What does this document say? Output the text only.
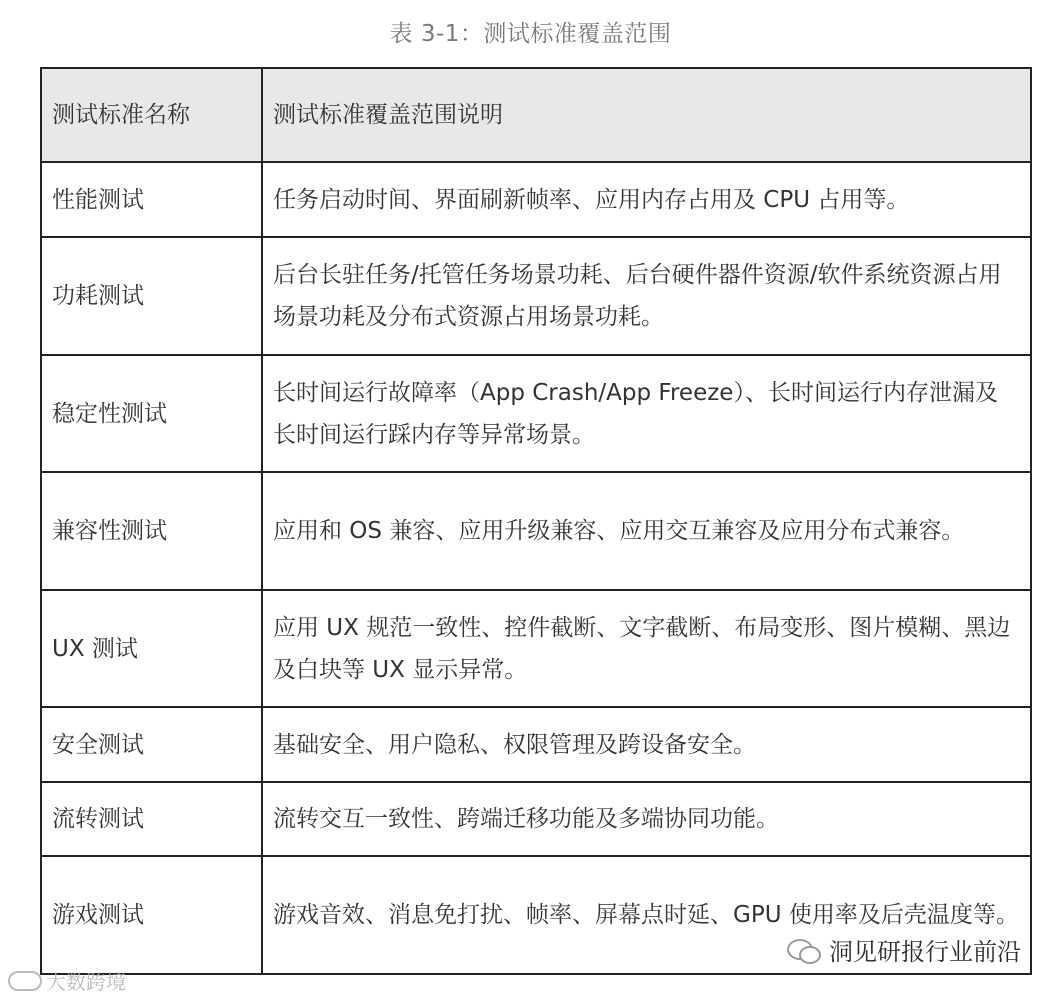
表 3-1：测试标准覆盖范围
测试标准名称	测试标准覆盖范围说明
性能测试	任务启动时间、界面刷新帧率、应用内存占用及 CPU 占用等。
功耗测试	后台长驻任务/托管任务场景功耗、后台硬件器件资源/软件系统资源占用场景功耗及分布式资源占用场景功耗。
稳定性测试	长时间运行故障率（App Crash/App Freeze）、长时间运行内存泄漏及长时间运行踩内存等异常场景。
兼容性测试	应用和 OS 兼容、应用升级兼容、应用交互兼容及应用分布式兼容。
UX 测试	应用 UX 规范一致性、控件截断、文字截断、布局变形、图片模糊、黑边及白块等 UX 显示异常。
安全测试	基础安全、用户隐私、权限管理及跨设备安全。
流转测试	流转交互一致性、跨端迁移功能及多端协同功能。
游戏测试	游戏音效、消息免打扰、帧率、屏幕点时延、GPU 使用率及后壳温度等。
洞见研报行业前沿
大数跨境
